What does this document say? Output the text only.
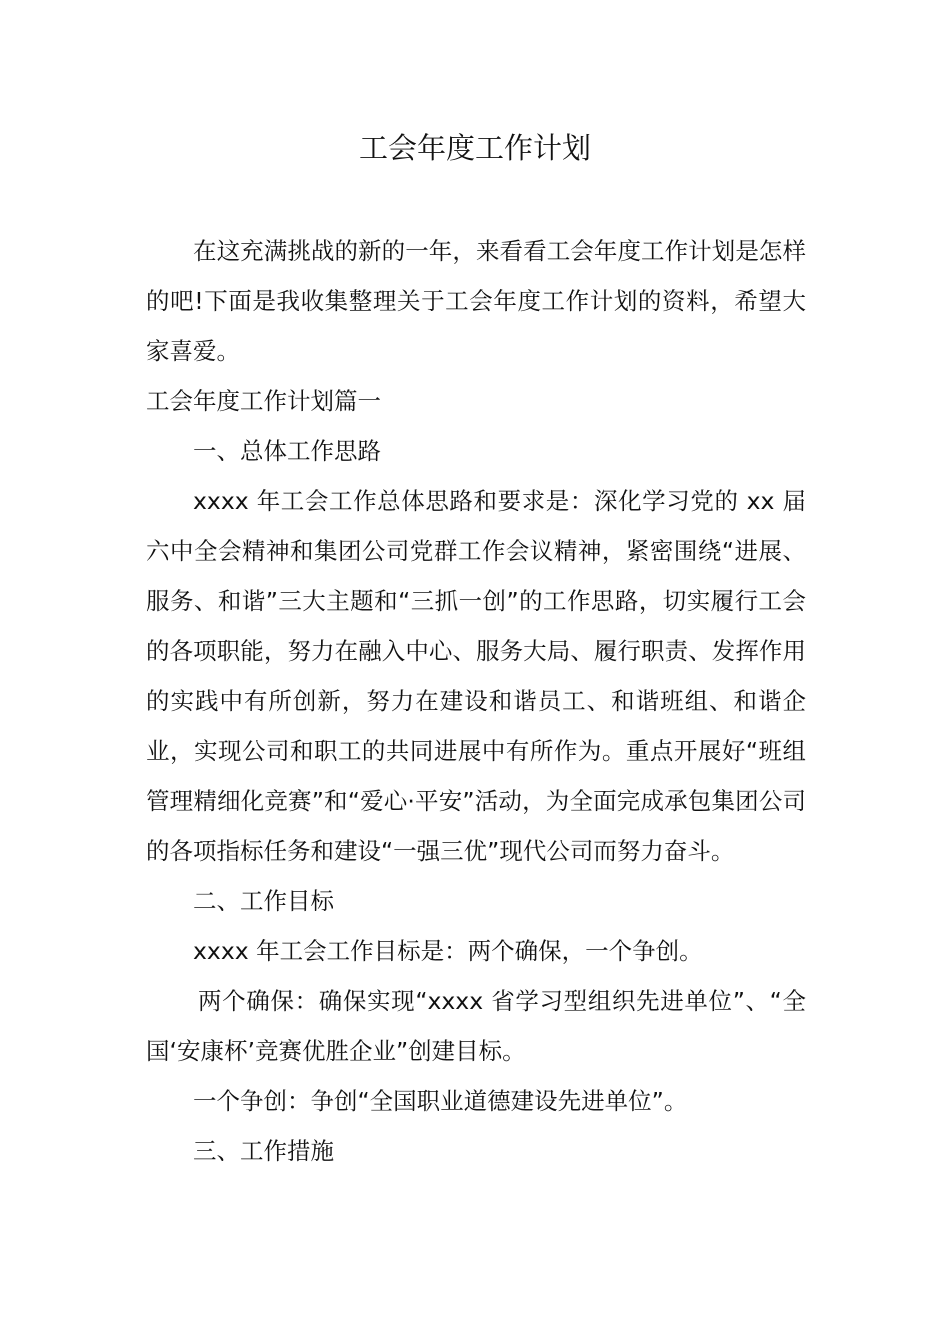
工会年度工作计划

在这充满挑战的新的一年，来看看工会年度工作计划是怎样的吧!下面是我收集整理关于工会年度工作计划的资料，希望大家喜爱。

工会年度工作计划篇一

一、总体工作思路

xxxx 年工会工作总体思路和要求是：深化学习党的 xx 届六中全会精神和集团公司党群工作会议精神，紧密围绕“进展、服务、和谐”三大主题和“三抓一创”的工作思路，切实履行工会的各项职能，努力在融入中心、服务大局、履行职责、发挥作用的实践中有所创新，努力在建设和谐员工、和谐班组、和谐企业，实现公司和职工的共同进展中有所作为。重点开展好“班组管理精细化竞赛”和“爱心·平安”活动，为全面完成承包集团公司的各项指标任务和建设“一强三优”现代公司而努力奋斗。

二、工作目标

xxxx 年工会工作目标是：两个确保，一个争创。

两个确保：确保实现“xxxx 省学习型组织先进单位”、“全国‘安康杯’竞赛优胜企业”创建目标。

一个争创：争创“全国职业道德建设先进单位”。

三、工作措施
